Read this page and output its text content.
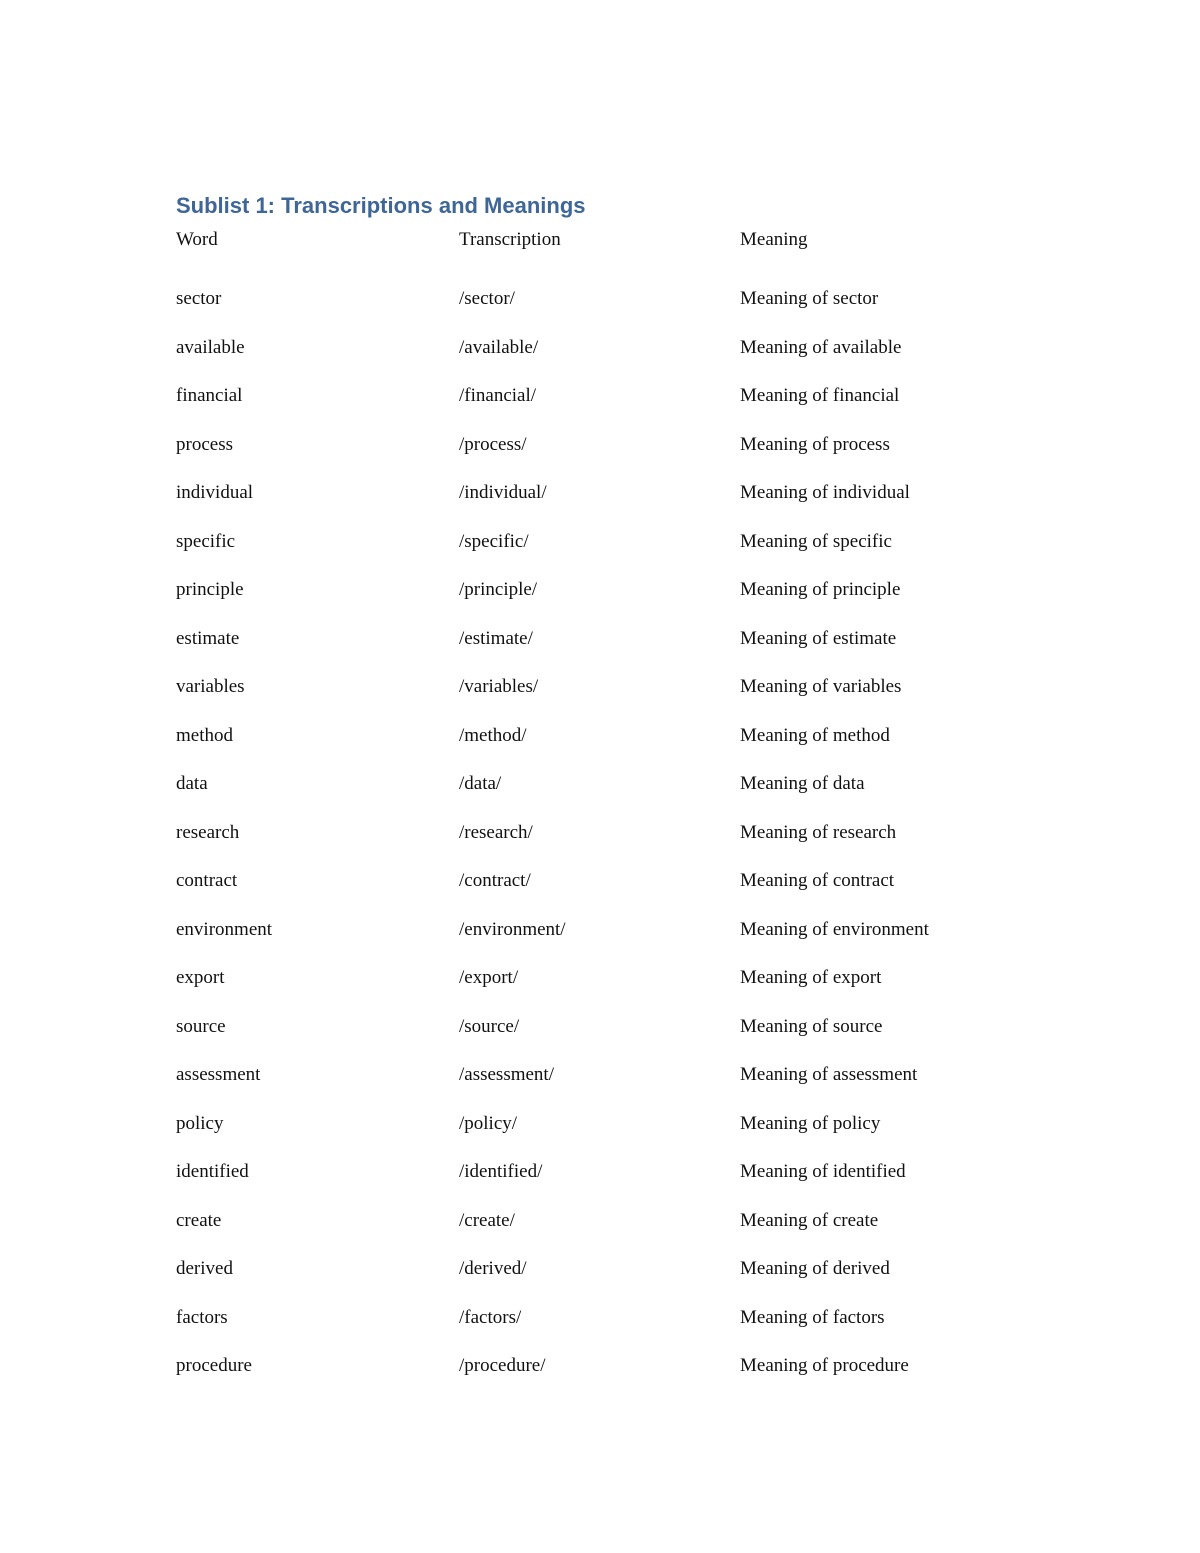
Sublist 1: Transcriptions and Meanings
Word	Transcription	Meaning
sector	/sector/	Meaning of sector
available	/available/	Meaning of available
financial	/financial/	Meaning of financial
process	/process/	Meaning of process
individual	/individual/	Meaning of individual
specific	/specific/	Meaning of specific
principle	/principle/	Meaning of principle
estimate	/estimate/	Meaning of estimate
variables	/variables/	Meaning of variables
method	/method/	Meaning of method
data	/data/	Meaning of data
research	/research/	Meaning of research
contract	/contract/	Meaning of contract
environment	/environment/	Meaning of environment
export	/export/	Meaning of export
source	/source/	Meaning of source
assessment	/assessment/	Meaning of assessment
policy	/policy/	Meaning of policy
identified	/identified/	Meaning of identified
create	/create/	Meaning of create
derived	/derived/	Meaning of derived
factors	/factors/	Meaning of factors
procedure	/procedure/	Meaning of procedure
